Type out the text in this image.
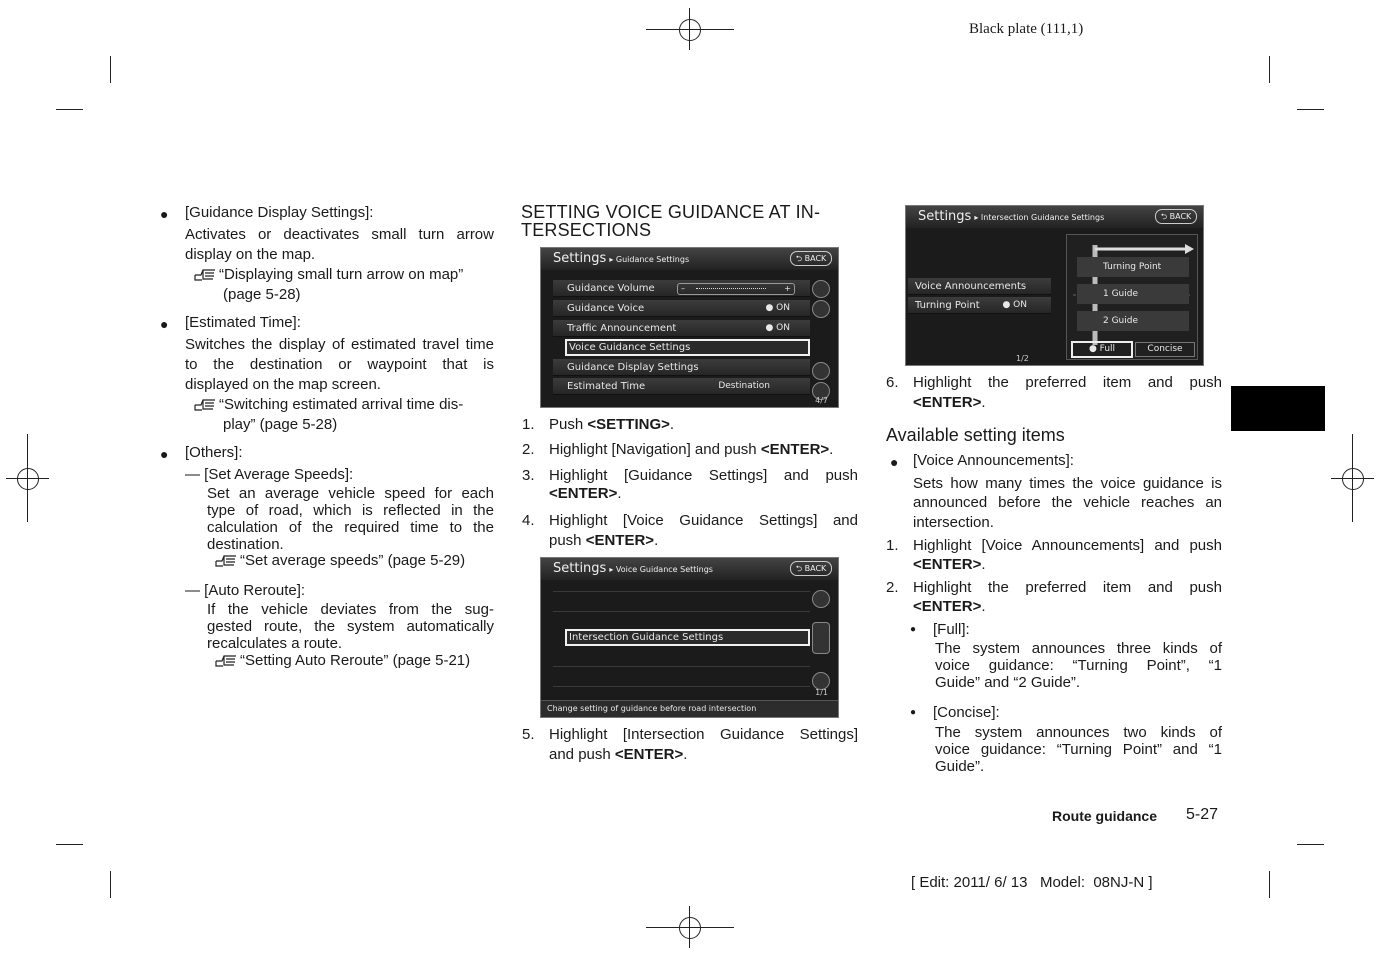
Black plate (111,1)
● [Guidance Display Settings]:
Activates or deactivates small turn arrow
display on the map.
“Displaying small turn arrow on map”
(page 5-28)
● [Estimated Time]:
Switches the display of estimated travel time
to the destination or waypoint that is
displayed on the map screen.
“Switching estimated arrival time dis-
play” (page 5-28)
● [Others]:
— [Set Average Speeds]:
Set an average vehicle speed for each
type of road, which is reflected in the
calculation of the required time to the
destination.
“Set average speeds” (page 5-29)
— [Auto Reroute]:
If the vehicle deviates from the sug-
gested route, the system automatically
recalculates a route.
“Setting Auto Reroute” (page 5-21)
SETTING VOICE GUIDANCE AT IN-
TERSECTIONS
Settings ▸ Guidance Settings	⮌ BACK
Guidance Volume	–	+
Guidance Voice	● ON
Traffic Announcement	● ON
Voice Guidance Settings
Guidance Display Settings
Estimated Time	Destination
4/7
1. Push <SETTING>.
2. Highlight [Navigation] and push <ENTER>.
3. Highlight [Guidance Settings] and push
<ENTER>.
4. Highlight [Voice Guidance Settings] and
push <ENTER>.
Settings ▸ Voice Guidance Settings	⮌ BACK
Intersection Guidance Settings
1/1
Change setting of guidance before road intersection
5. Highlight [Intersection Guidance Settings]
and push <ENTER>.
Settings ▸ Intersection Guidance Settings	⮌ BACK
Voice Announcements
Turning Point	● ON
Turning Point
1 Guide
2 Guide
● Full	Concise
1/2
6. Highlight the preferred item and push
<ENTER>.
Available setting items
● [Voice Announcements]:
Sets how many times the voice guidance is
announced before the vehicle reaches an
intersection.
1. Highlight [Voice Announcements] and push
<ENTER>.
2. Highlight the preferred item and push
<ENTER>.
● [Full]:
The system announces three kinds of
voice guidance: “Turning Point”, “1
Guide” and “2 Guide”.
● [Concise]:
The system announces two kinds of
voice guidance: “Turning Point” and “1
Guide”.
Route guidance 5-27
[ Edit: 2011/ 6/ 13   Model:  08NJ-N ]
